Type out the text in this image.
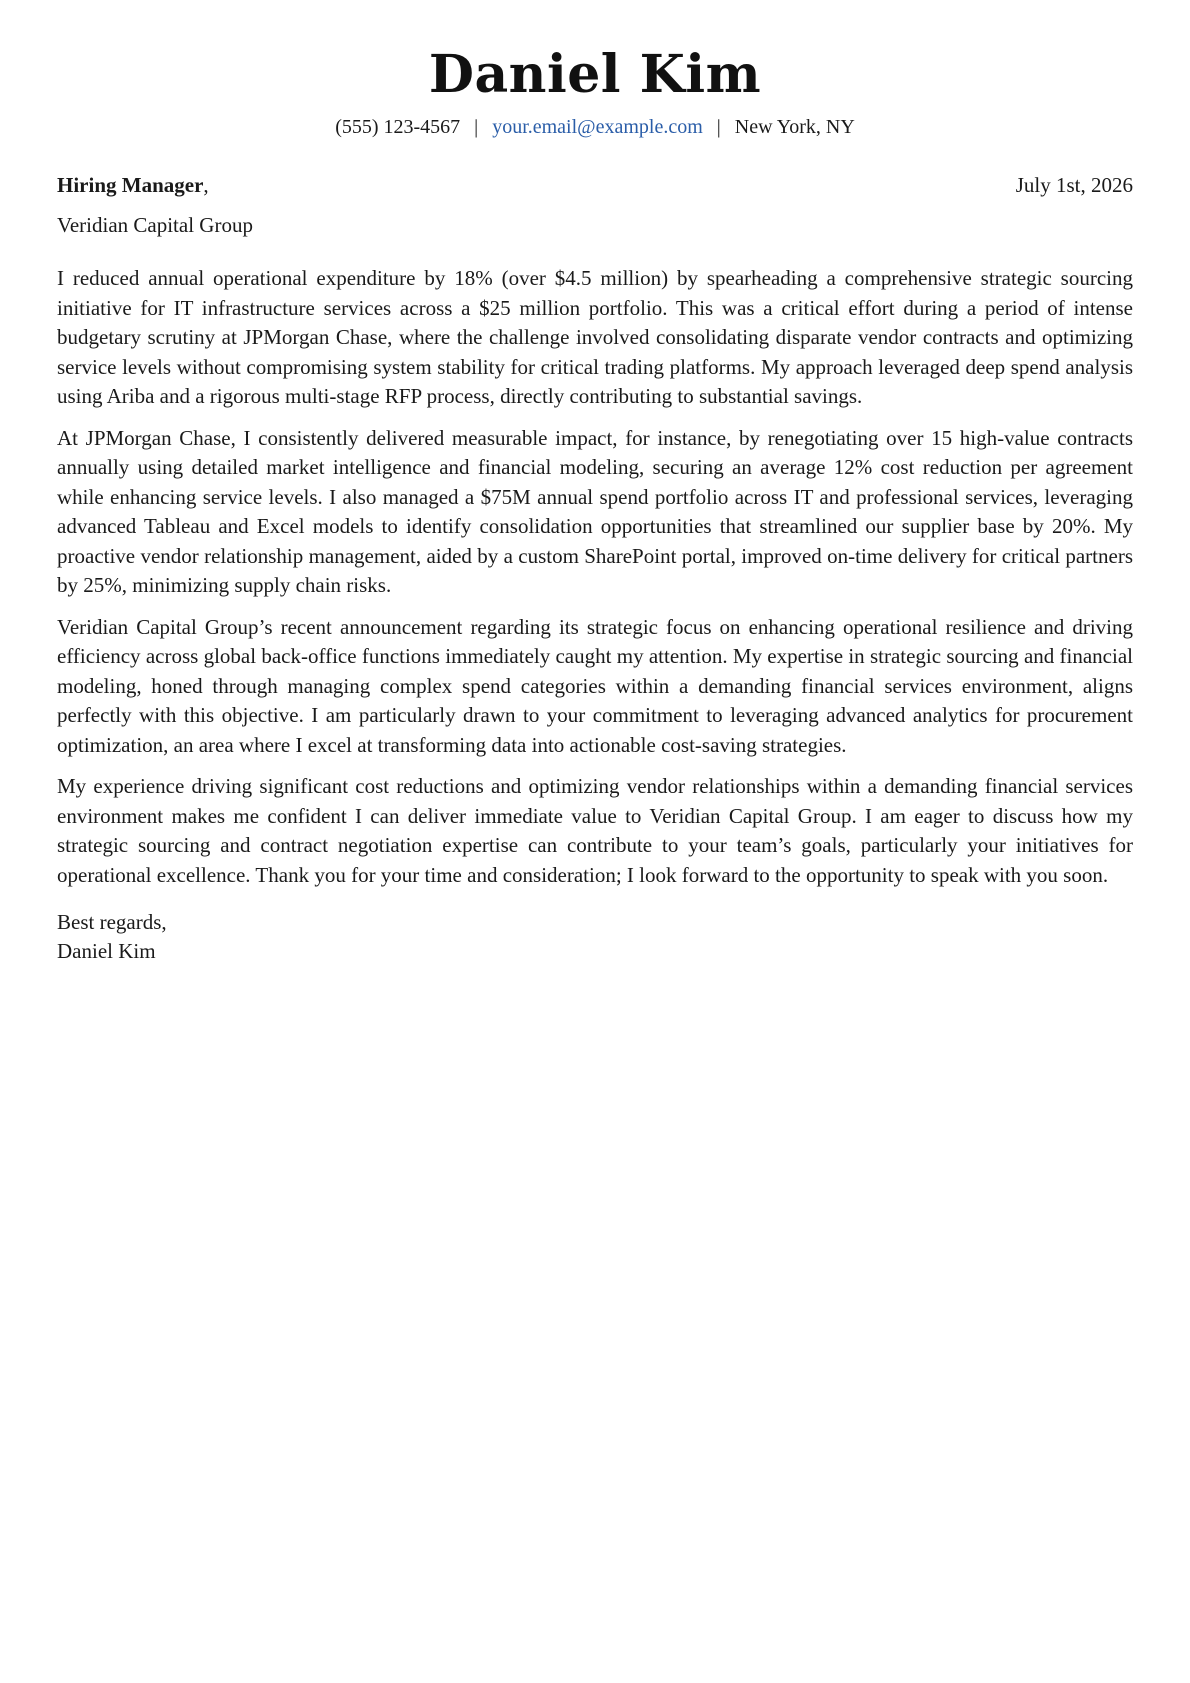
Daniel Kim
(555) 123-4567 | your.email@example.com | New York, NY
Hiring Manager,	July 1st, 2026
Veridian Capital Group

I reduced annual operational expenditure by 18% (over $4.5 million) by spearheading a comprehensive strategic sourcing initiative for IT infrastructure services across a $25 million portfolio. This was a critical effort during a period of intense budgetary scrutiny at JPMorgan Chase, where the challenge involved consolidating disparate vendor contracts and optimizing service levels without compromising system stability for critical trading platforms. My approach leveraged deep spend analysis using Ariba and a rigorous multi-stage RFP process, directly contributing to substantial savings.

At JPMorgan Chase, I consistently delivered measurable impact, for instance, by renegotiating over 15 high-value contracts annually using detailed market intelligence and financial modeling, securing an average 12% cost reduction per agreement while enhancing service levels. I also managed a $75M annual spend portfolio across IT and professional services, leveraging advanced Tableau and Excel models to identify consolidation opportunities that streamlined our supplier base by 20%. My proactive vendor relationship management, aided by a custom SharePoint portal, improved on-time delivery for critical partners by 25%, minimizing supply chain risks.

Veridian Capital Group’s recent announcement regarding its strategic focus on enhancing operational resilience and driving efficiency across global back-office functions immediately caught my attention. My expertise in strategic sourcing and financial modeling, honed through managing complex spend categories within a demanding financial services environment, aligns perfectly with this objective. I am particularly drawn to your commitment to leveraging advanced analytics for procurement optimization, an area where I excel at transforming data into actionable cost-saving strategies.

My experience driving significant cost reductions and optimizing vendor relationships within a demanding financial services environment makes me confident I can deliver immediate value to Veridian Capital Group. I am eager to discuss how my strategic sourcing and contract negotiation expertise can contribute to your team’s goals, particularly your initiatives for operational excellence. Thank you for your time and consideration; I look forward to the opportunity to speak with you soon.

Best regards,
Daniel Kim
